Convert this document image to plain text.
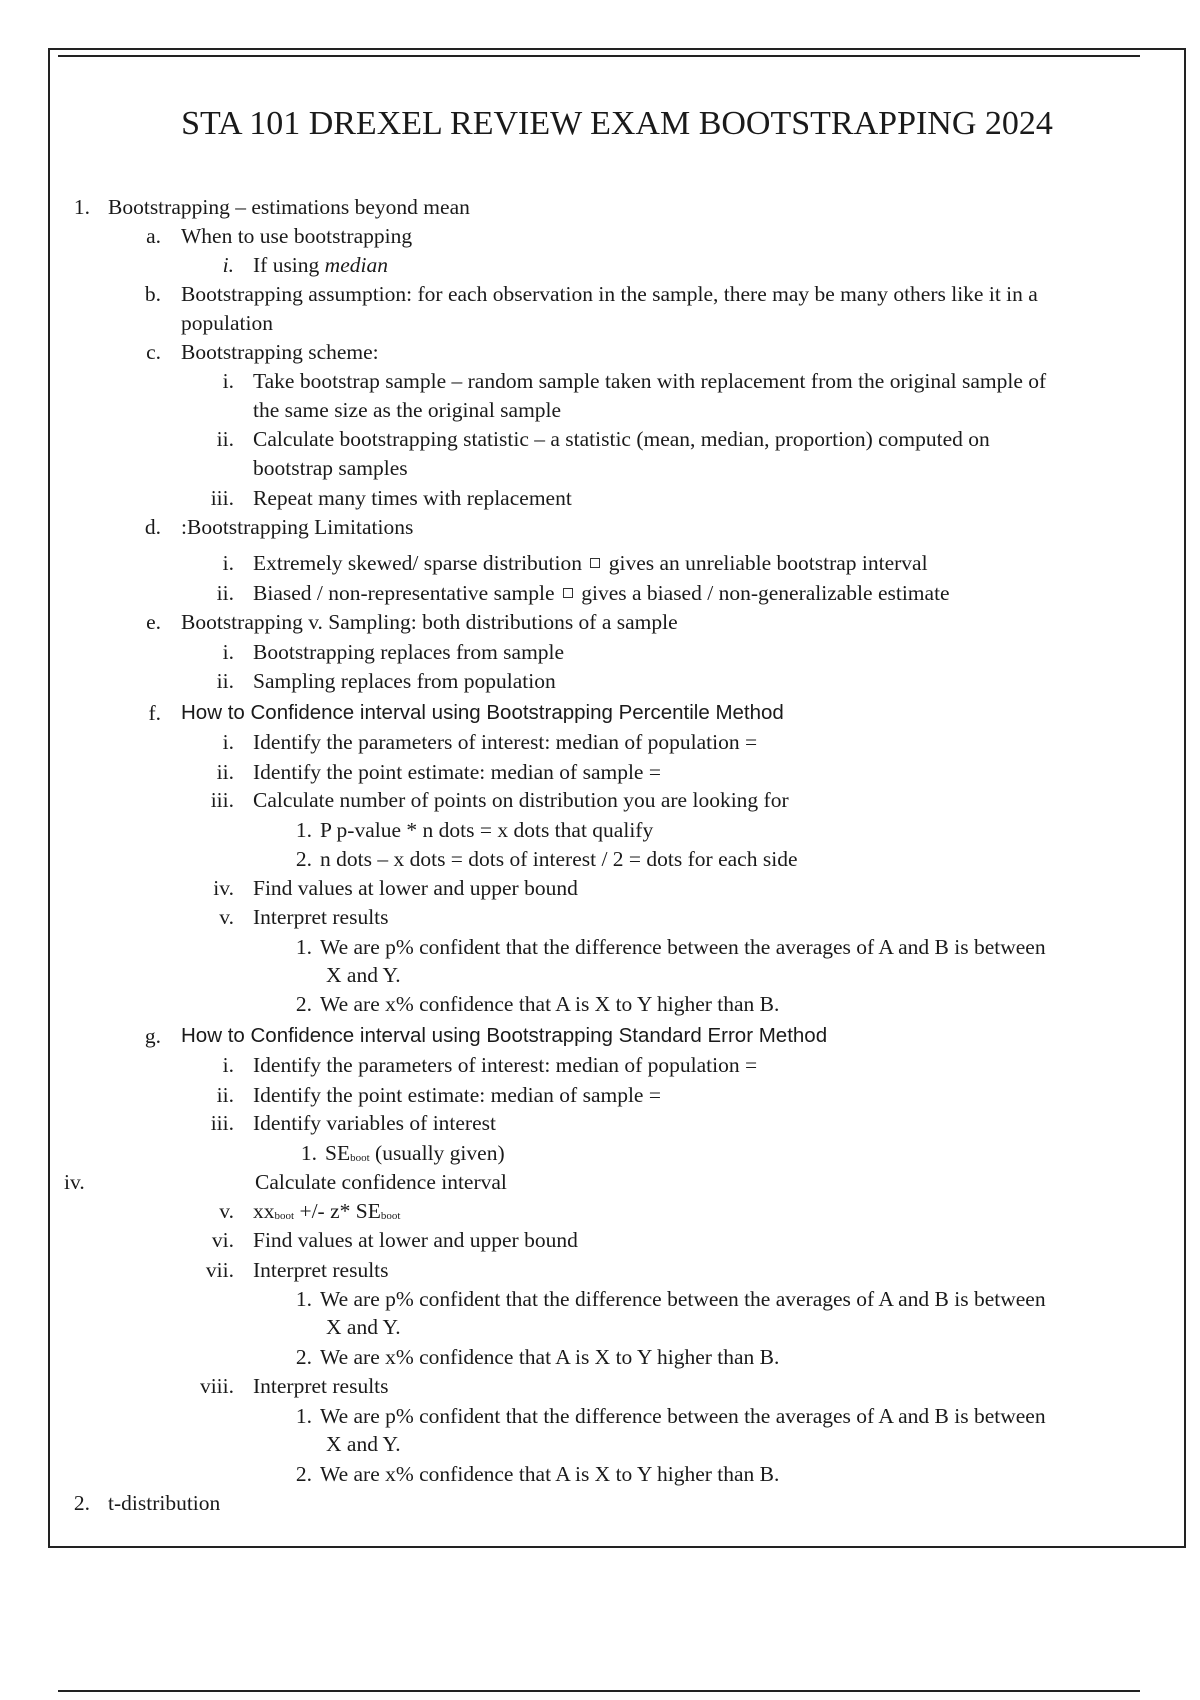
STA 101 DREXEL REVIEW EXAM BOOTSTRAPPING 2024
1. Bootstrapping – estimations beyond mean
a. When to use bootstrapping
i. If using median
b. Bootstrapping assumption: for each observation in the sample, there may be many others like it in a
population
c. Bootstrapping scheme:
i. Take bootstrap sample – random sample taken with replacement from the original sample of
the same size as the original sample
ii. Calculate bootstrapping statistic – a statistic (mean, median, proportion) computed on
bootstrap samples
iii. Repeat many times with replacement
d. :Bootstrapping Limitations
i. Extremely skewed/ sparse distribution  gives an unreliable bootstrap interval
ii. Biased / non-representative sample  gives a biased / non-generalizable estimate
e. Bootstrapping v. Sampling: both distributions of a sample
i. Bootstrapping replaces from sample
ii. Sampling replaces from population
f. How to Confidence interval using Bootstrapping Percentile Method
i. Identify the parameters of interest: median of population =
ii. Identify the point estimate: median of sample =
iii. Calculate number of points on distribution you are looking for
1. P p-value * n dots = x dots that qualify
2. n dots – x dots = dots of interest / 2 = dots for each side
iv. Find values at lower and upper bound
v. Interpret results
1. We are p% confident that the difference between the averages of A and B is between
X and Y.
2. We are x% confidence that A is X to Y higher than B.
g. How to Confidence interval using Bootstrapping Standard Error Method
i. Identify the parameters of interest: median of population =
ii. Identify the point estimate: median of sample =
iii. Identify variables of interest
1. $SE_{boot}$ (usually given)
iv.	Calculate confidence interval
v. $xx_{boot}$ +/- z* $SE_{boot}$
vi. Find values at lower and upper bound
vii. Interpret results
1. We are p% confident that the difference between the averages of A and B is between
X and Y.
2. We are x% confidence that A is X to Y higher than B.
viii. Interpret results
1. We are p% confident that the difference between the averages of A and B is between
X and Y.
2. We are x% confidence that A is X to Y higher than B.
2. t-distribution
